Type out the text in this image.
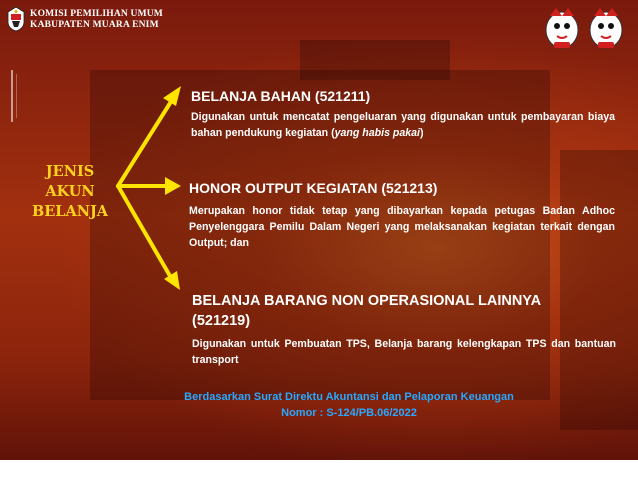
KOMISI PEMILIHAN UMUM
KABUPATEN MUARA ENIM
JENIS
AKUN
BELANJA
BELANJA BAHAN (521211)
Digunakan untuk mencatat pengeluaran yang digunakan untuk pembayaran biaya bahan pendukung kegiatan (yang habis pakai)
HONOR OUTPUT KEGIATAN (521213)
Merupakan honor tidak tetap yang dibayarkan kepada petugas Badan Adhoc Penyelenggara Pemilu Dalam Negeri yang melaksanakan kegiatan terkait dengan Output; dan
BELANJA BARANG NON OPERASIONAL LAINNYA
(521219)
Digunakan untuk Pembuatan TPS, Belanja barang kelengkapan TPS dan bantuan transport
Berdasarkan Surat Direktu Akuntansi dan Pelaporan Keuangan
Nomor : S-124/PB.06/2022
